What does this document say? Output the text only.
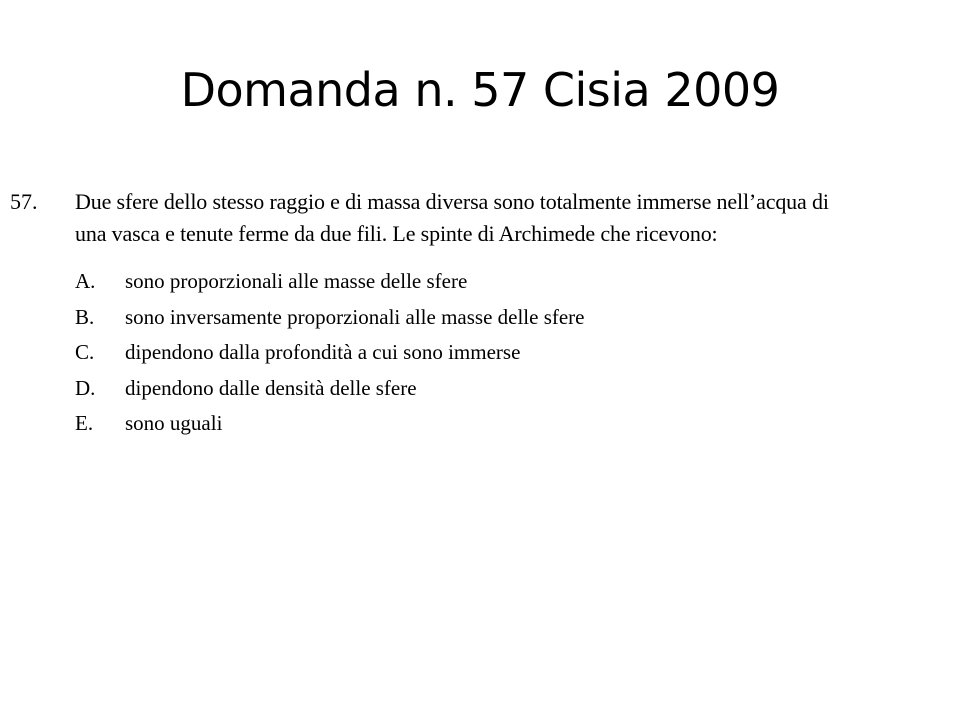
Domanda n. 57 Cisia 2009
57. Due sfere dello stesso raggio e di massa diversa sono totalmente immerse nell’acqua di
una vasca e tenute ferme da due fili. Le spinte di Archimede che ricevono:
A. sono proporzionali alle masse delle sfere
B. sono inversamente proporzionali alle masse delle sfere
C. dipendono dalla profondità a cui sono immerse
D. dipendono dalle densità delle sfere
E. sono uguali
